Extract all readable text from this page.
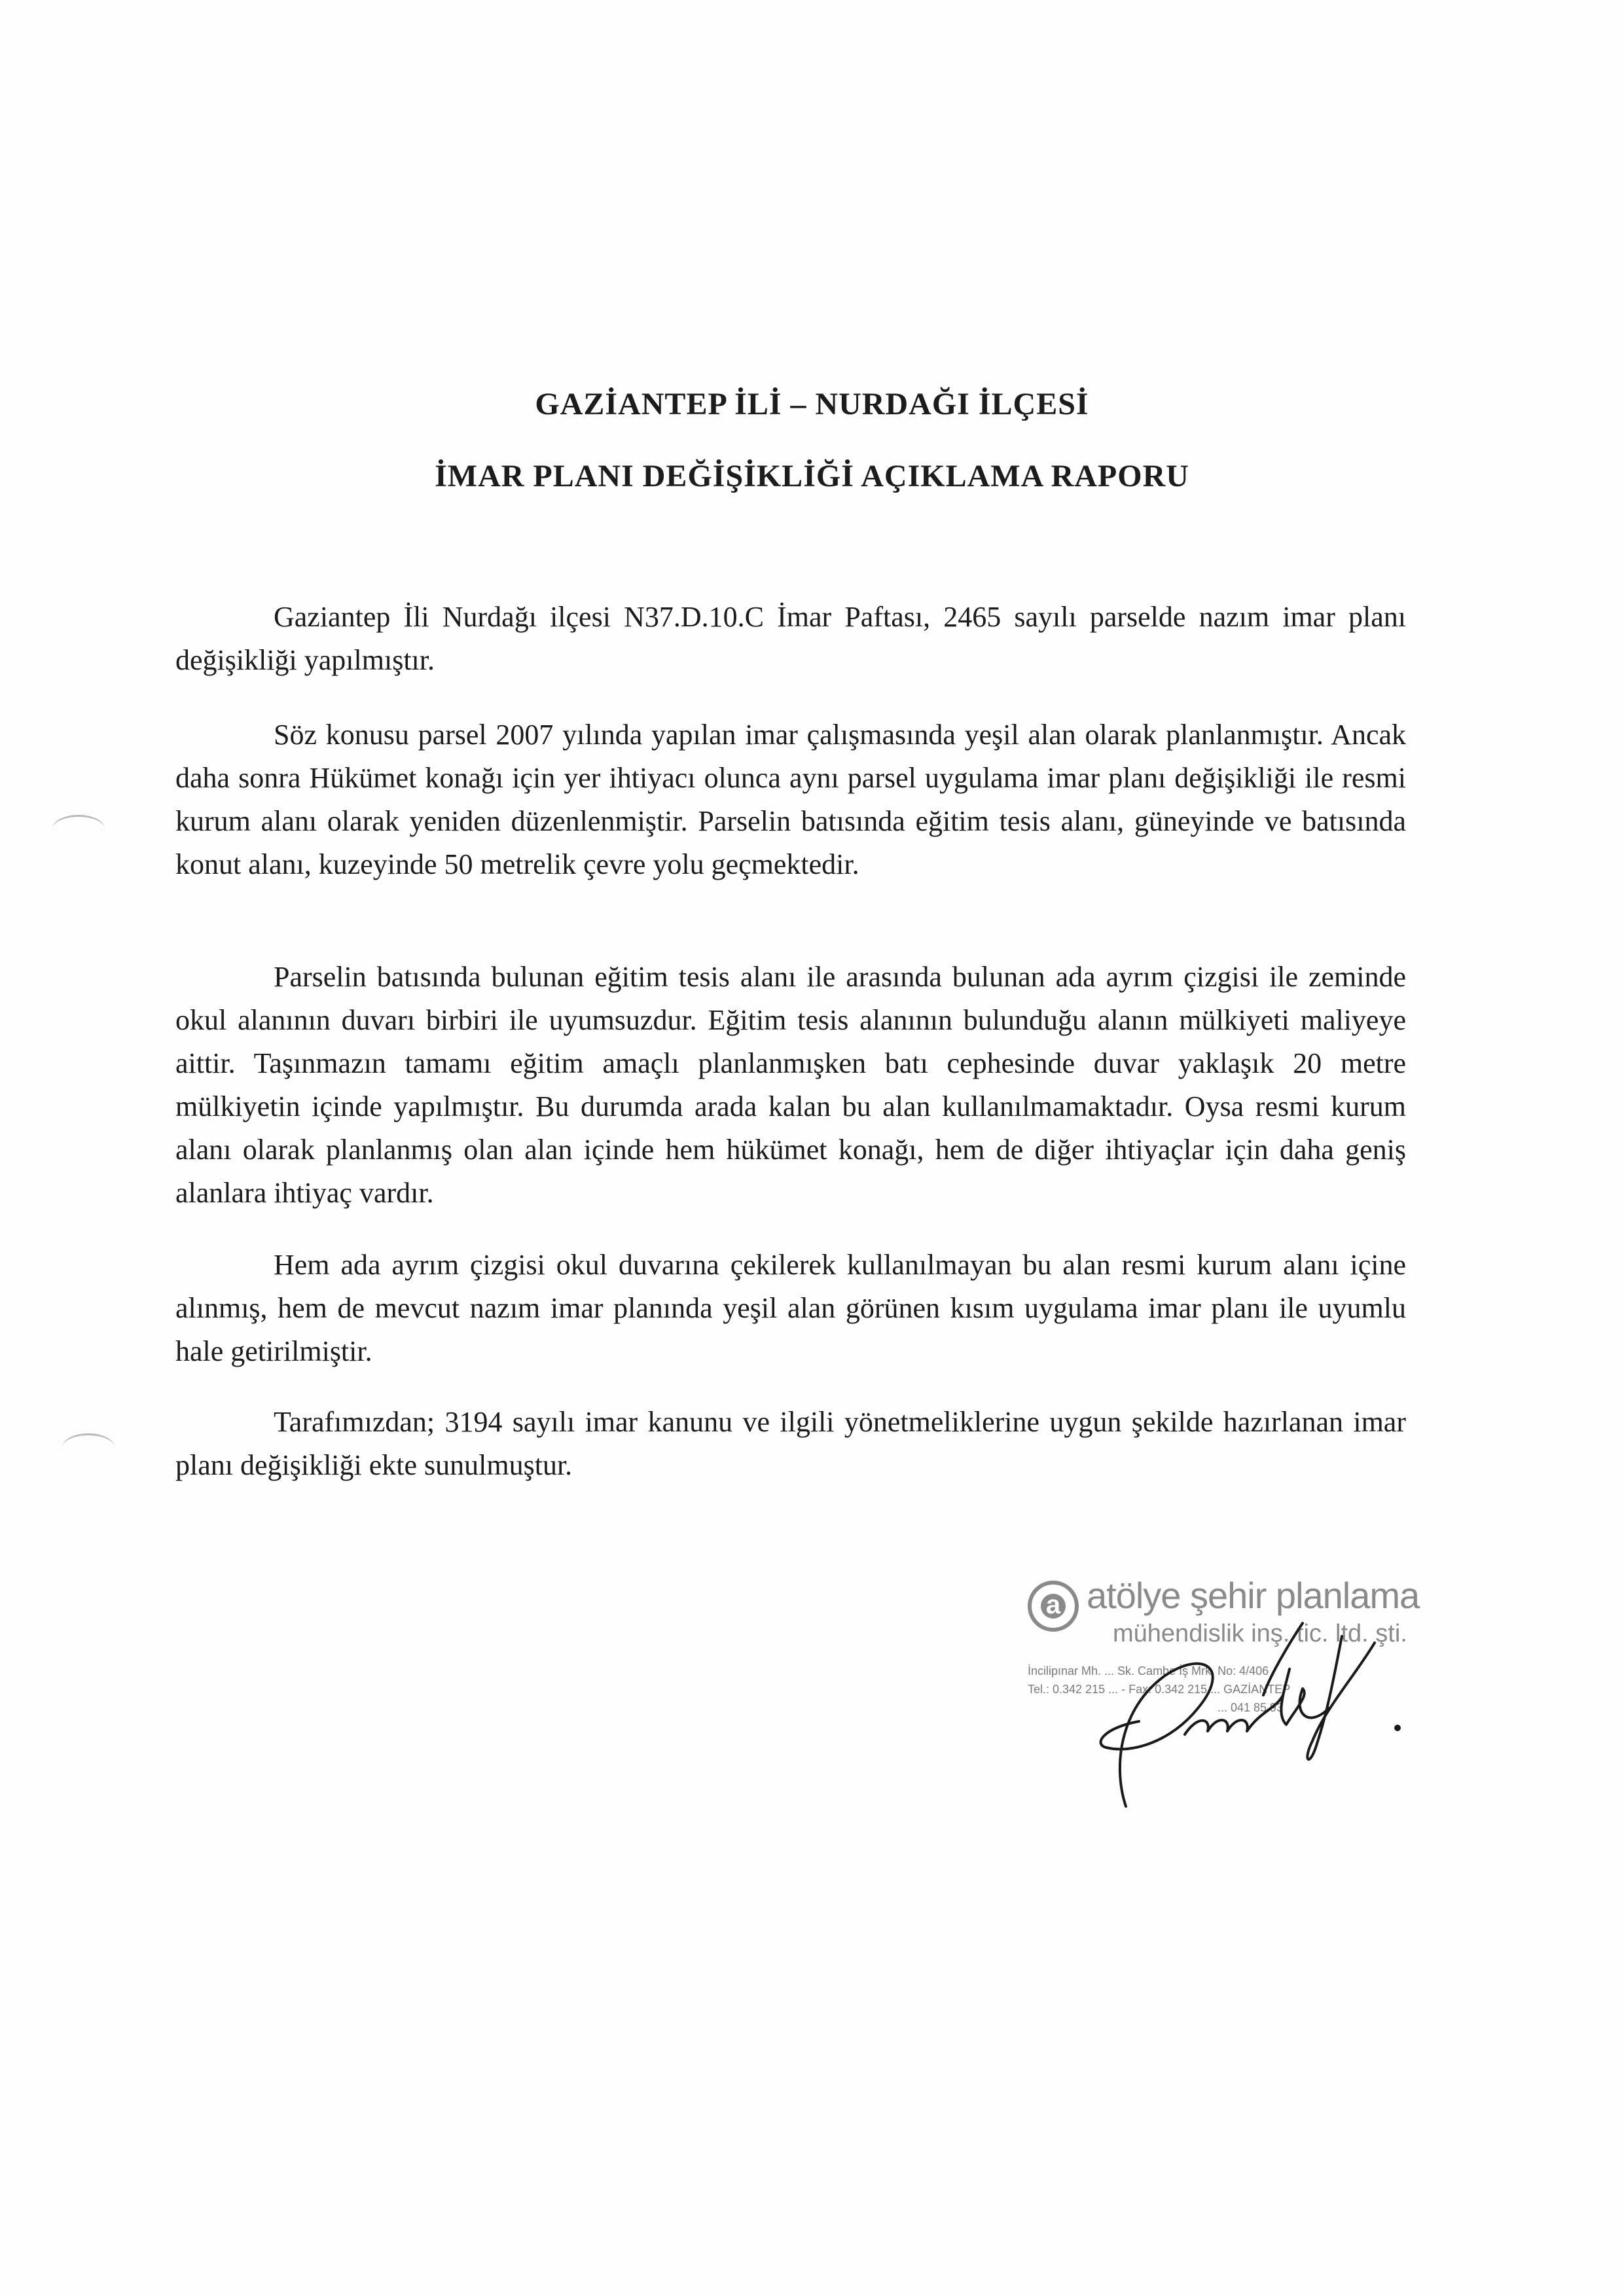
GAZİANTEP İLİ – NURDAĞI İLÇESİ
İMAR PLANI DEĞİŞİKLİĞİ AÇIKLAMA RAPORU
Gaziantep İli Nurdağı ilçesi N37.D.10.C İmar Paftası, 2465 sayılı parselde nazım imar planı değişikliği yapılmıştır.
Söz konusu parsel 2007 yılında yapılan imar çalışmasında yeşil alan olarak planlanmıştır. Ancak daha sonra Hükümet konağı için yer ihtiyacı olunca aynı parsel uygulama imar planı değişikliği ile resmi kurum alanı olarak yeniden düzenlenmiştir. Parselin batısında eğitim tesis alanı, güneyinde ve batısında konut alanı, kuzeyinde 50 metrelik çevre yolu geçmektedir.
Parselin batısında bulunan eğitim tesis alanı ile arasında bulunan ada ayrım çizgisi ile zeminde okul alanının duvarı birbiri ile uyumsuzdur. Eğitim tesis alanının bulunduğu alanın mülkiyeti maliyeye aittir. Taşınmazın tamamı eğitim amaçlı planlanmışken batı cephesinde duvar yaklaşık 20 metre mülkiyetin içinde yapılmıştır. Bu durumda arada kalan bu alan kullanılmamaktadır. Oysa resmi kurum alanı olarak planlanmış olan alan içinde hem hükümet konağı, hem de diğer ihtiyaçlar için daha geniş alanlara ihtiyaç vardır.
Hem ada ayrım çizgisi okul duvarına çekilerek kullanılmayan bu alan resmi kurum alanı içine alınmış, hem de mevcut nazım imar planında yeşil alan görünen kısım uygulama imar planı ile uyumlu hale getirilmiştir.
Tarafımızdan; 3194 sayılı imar kanunu ve ilgili yönetmeliklerine uygun şekilde hazırlanan imar planı değişikliği ekte sunulmuştur.
a atölye şehir planlama
mühendislik inş. tic. ltd. şti.
İncilipınar Mh. ... Sk. Cambe İş Mrk. No: 4/406
Tel.: 0.342 215 ... - Fax: 0.342 215 ... GAZİANTEP
... 041 85 93
